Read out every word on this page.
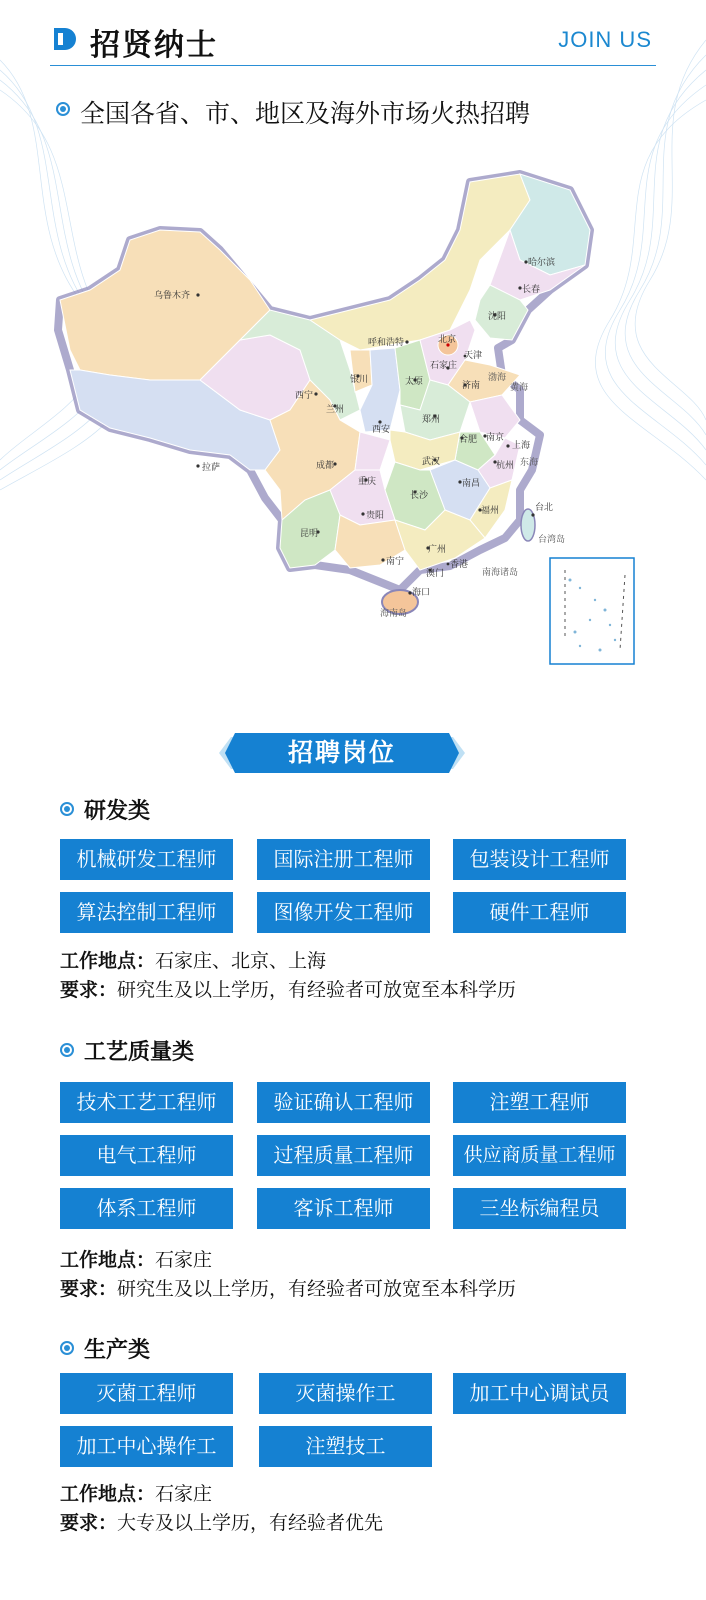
招贤纳士	JOIN US
全国各省、市、地区及海外市场火热招聘
乌鲁木齐
呼和浩特	北京
石家庄
太原
银川
西宁
兰州
西安
郑州
济南
哈尔滨
长春
沈阳
拉萨	成都
重庆
武汉
合肥 南京
上海
杭州
长沙
南昌
贵阳
昆明
南宁
广州
福州	台北
海口
澳门
香港
天津
渤海
黄海
东海
台湾岛
南海诸岛
海南岛
招聘岗位
研发类
机械研发工程师	国际注册工程师	包装设计工程师
算法控制工程师	图像开发工程师	硬件工程师
工作地点：石家庄、北京、上海
要求：研究生及以上学历，有经验者可放宽至本科学历
工艺质量类
技术工艺工程师	验证确认工程师	注塑工程师
电气工程师	过程质量工程师	供应商质量工程师
体系工程师	客诉工程师	三坐标编程员
工作地点：石家庄
要求：研究生及以上学历，有经验者可放宽至本科学历
生产类
灭菌工程师	灭菌操作工	加工中心调试员
加工中心操作工	注塑技工
工作地点：石家庄
要求：大专及以上学历，有经验者优先
